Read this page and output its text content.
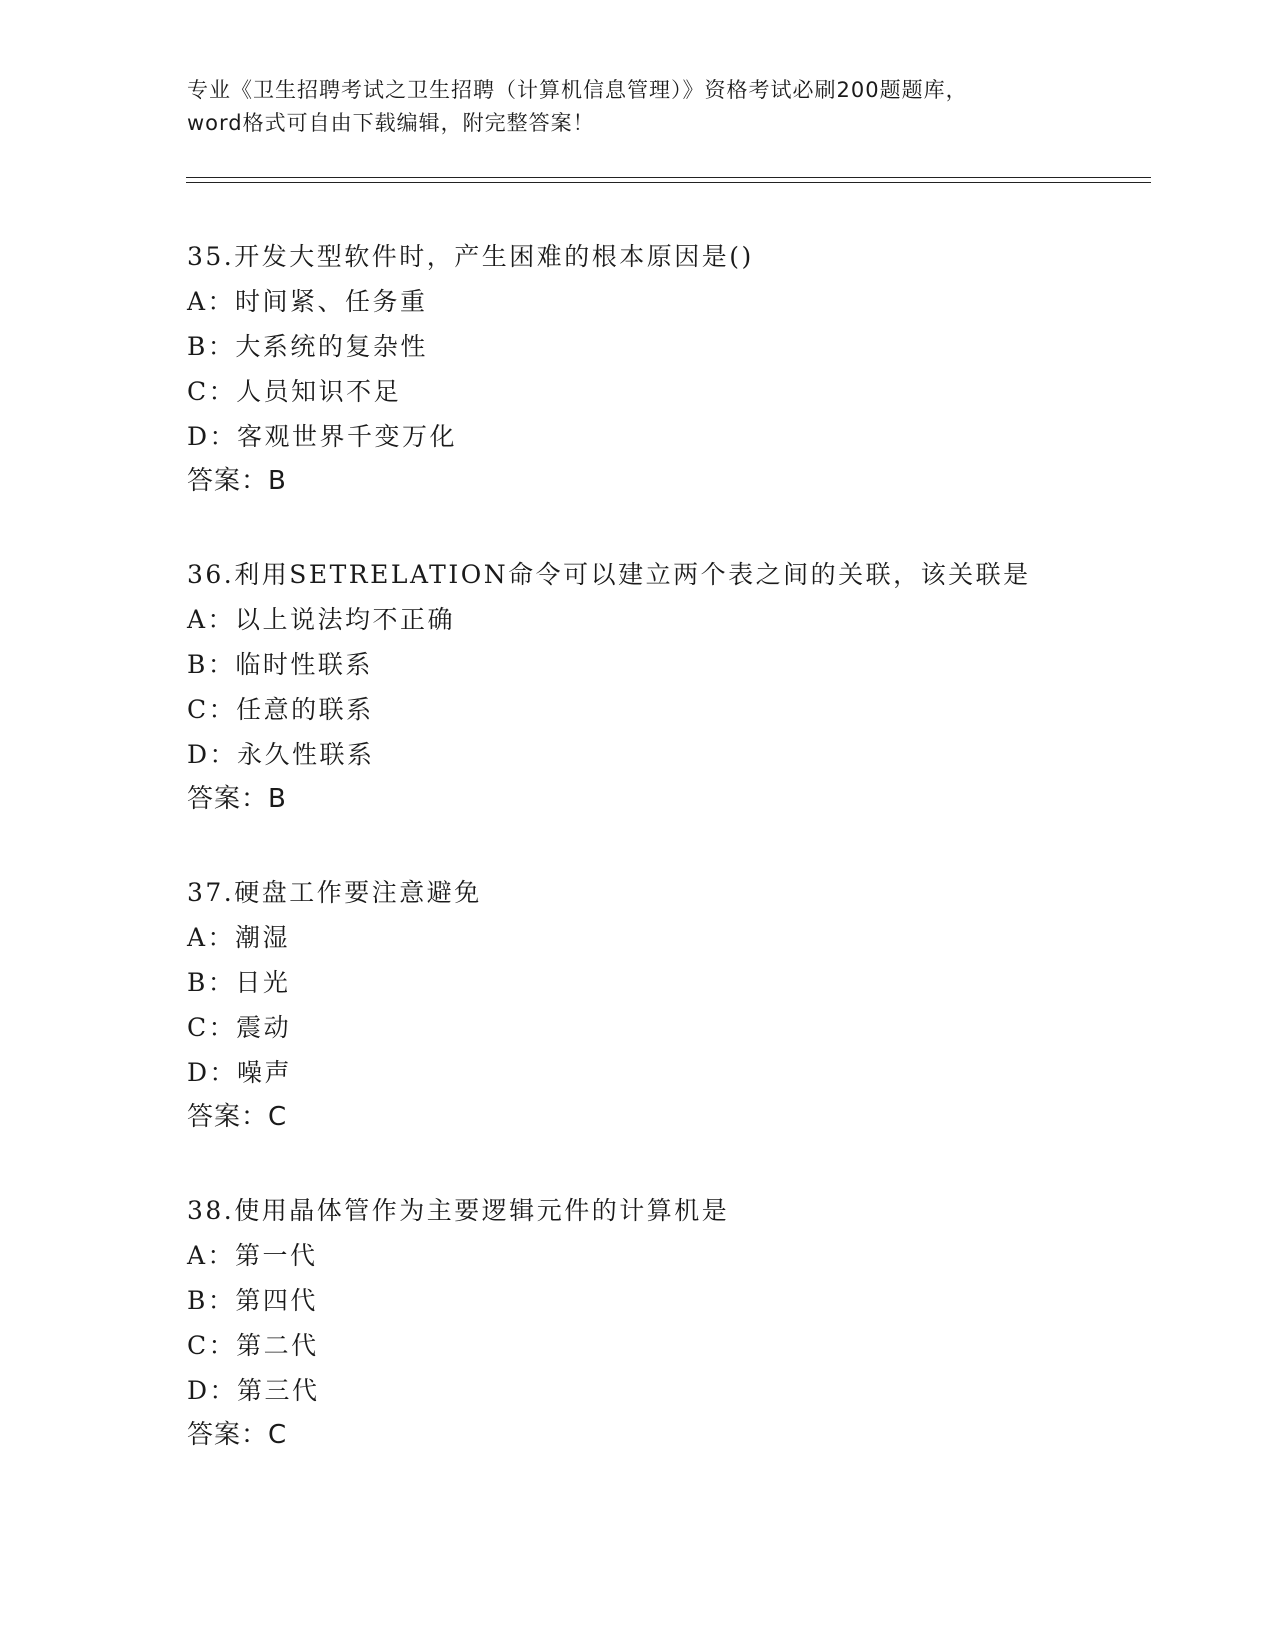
专业《卫生招聘考试之卫生招聘（计算机信息管理）》资格考试必刷200题题库，
word格式可自由下载编辑，附完整答案！
35.开发大型软件时，产生困难的根本原因是()
A：时间紧、任务重
B：大系统的复杂性
C：人员知识不足
D：客观世界千变万化
答案：B
36.利用SETRELATION命令可以建立两个表之间的关联，该关联是
A：以上说法均不正确
B：临时性联系
C：任意的联系
D：永久性联系
答案：B
37.硬盘工作要注意避免
A：潮湿
B：日光
C：震动
D：噪声
答案：C
38.使用晶体管作为主要逻辑元件的计算机是
A：第一代
B：第四代
C：第二代
D：第三代
答案：C
